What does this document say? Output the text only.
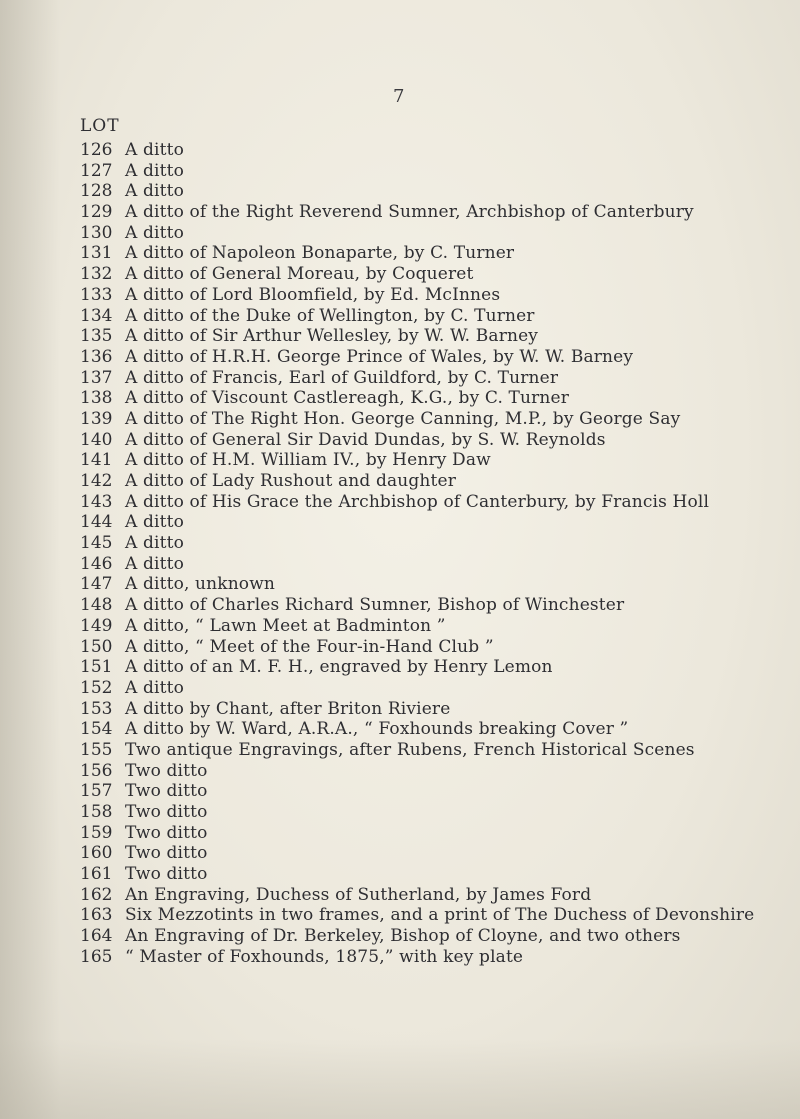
7
LOT
126 A ditto
127 A ditto
128 A ditto
129 A ditto of the Right Reverend Sumner, Archbishop of Canterbury
130 A ditto
131 A ditto of Napoleon Bonaparte, by C. Turner
132 A ditto of General Moreau, by Coqueret
133 A ditto of Lord Bloomfield, by Ed. McInnes
134 A ditto of the Duke of Wellington, by C. Turner
135 A ditto of Sir Arthur Wellesley, by W. W. Barney
136 A ditto of H.R.H. George Prince of Wales, by W. W. Barney
137 A ditto of Francis, Earl of Guildford, by C. Turner
138 A ditto of Viscount Castlereagh, K.G., by C. Turner
139 A ditto of The Right Hon. George Canning, M.P., by George Say
140 A ditto of General Sir David Dundas, by S. W. Reynolds
141 A ditto of H.M. William IV., by Henry Daw
142 A ditto of Lady Rushout and daughter
143 A ditto of His Grace the Archbishop of Canterbury, by Francis Holl
144 A ditto
145 A ditto
146 A ditto
147 A ditto, unknown
148 A ditto of Charles Richard Sumner, Bishop of Winchester
149 A ditto, “ Lawn Meet at Badminton ”
150 A ditto, “ Meet of the Four-in-Hand Club ”
151 A ditto of an M. F. H., engraved by Henry Lemon
152 A ditto
153 A ditto by Chant, after Briton Riviere
154 A ditto by W. Ward, A.R.A., “ Foxhounds breaking Cover ”
155 Two antique Engravings, after Rubens, French Historical Scenes
156 Two ditto
157 Two ditto
158 Two ditto
159 Two ditto
160 Two ditto
161 Two ditto
162 An Engraving, Duchess of Sutherland, by James Ford
163 Six Mezzotints in two frames, and a print of The Duchess of Devonshire
164 An Engraving of Dr. Berkeley, Bishop of Cloyne, and two others
165 “ Master of Foxhounds, 1875,” with key plate
